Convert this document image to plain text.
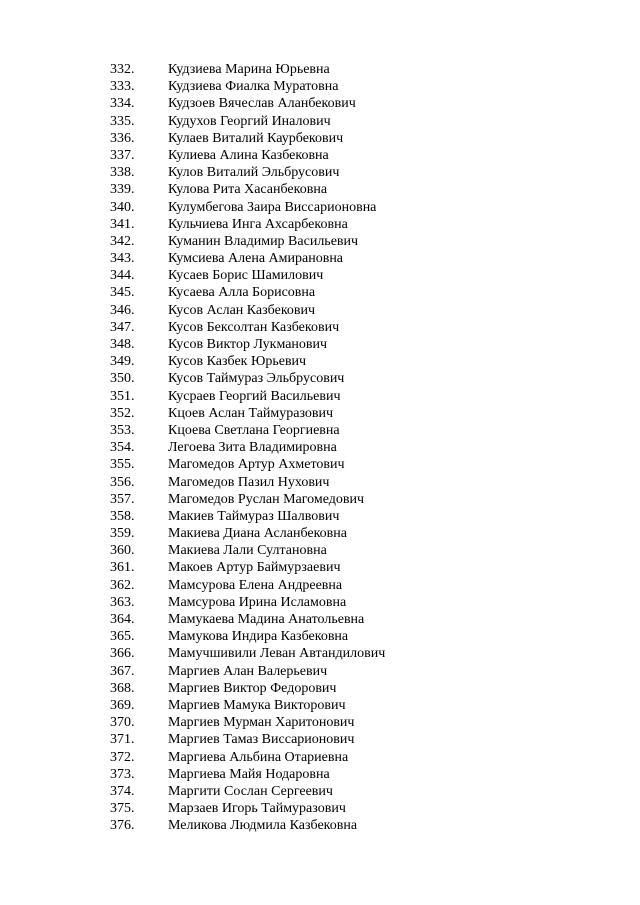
332.	Кудзиева Марина Юрьевна
333.	Кудзиева Фиалка Муратовна
334.	Кудзоев Вячеслав Аланбекович
335.	Кудухов Георгий Иналович
336.	Кулаев Виталий Каурбекович
337.	Кулиева Алина Казбековна
338.	Кулов Виталий Эльбрусович
339.	Кулова Рита Хасанбековна
340.	Кулумбегова Заира Виссарионовна
341.	Кульчиева Инга Ахсарбековна
342.	Куманин Владимир Васильевич
343.	Кумсиева Алена Амирановна
344.	Кусаев Борис Шамилович
345.	Кусаева Алла Борисовна
346.	Кусов Аслан Казбекович
347.	Кусов Бексолтан Казбекович
348.	Кусов Виктор Лукманович
349.	Кусов Казбек Юрьевич
350.	Кусов Таймураз Эльбрусович
351.	Кусраев Георгий Васильевич
352.	Кцоев Аслан Таймуразович
353.	Кцоева Светлана Георгиевна
354.	Легоева Зита Владимировна
355.	Магомедов Артур Ахметович
356.	Магомедов Пазил Нухович
357.	Магомедов Руслан Магомедович
358.	Макиев Таймураз Шалвович
359.	Макиева Диана Асланбековна
360.	Макиева Лали Султановна
361.	Макоев Артур Баймурзаевич
362.	Мамсурова Елена Андреевна
363.	Мамсурова Ирина Исламовна
364.	Мамукаева Мадина Анатольевна
365.	Мамукова Индира Казбековна
366.	Мамучшивили Леван Автандилович
367.	Маргиев Алан Валерьевич
368.	Маргиев Виктор Федорович
369.	Маргиев Мамука Викторович
370.	Маргиев Мурман Харитонович
371.	Маргиев Тамаз Виссарионович
372.	Маргиева Альбина Отариевна
373.	Маргиева Майя Нодаровна
374.	Маргити Сослан Сергеевич
375.	Марзаев Игорь Таймуразович
376.	Меликова Людмила Казбековна
